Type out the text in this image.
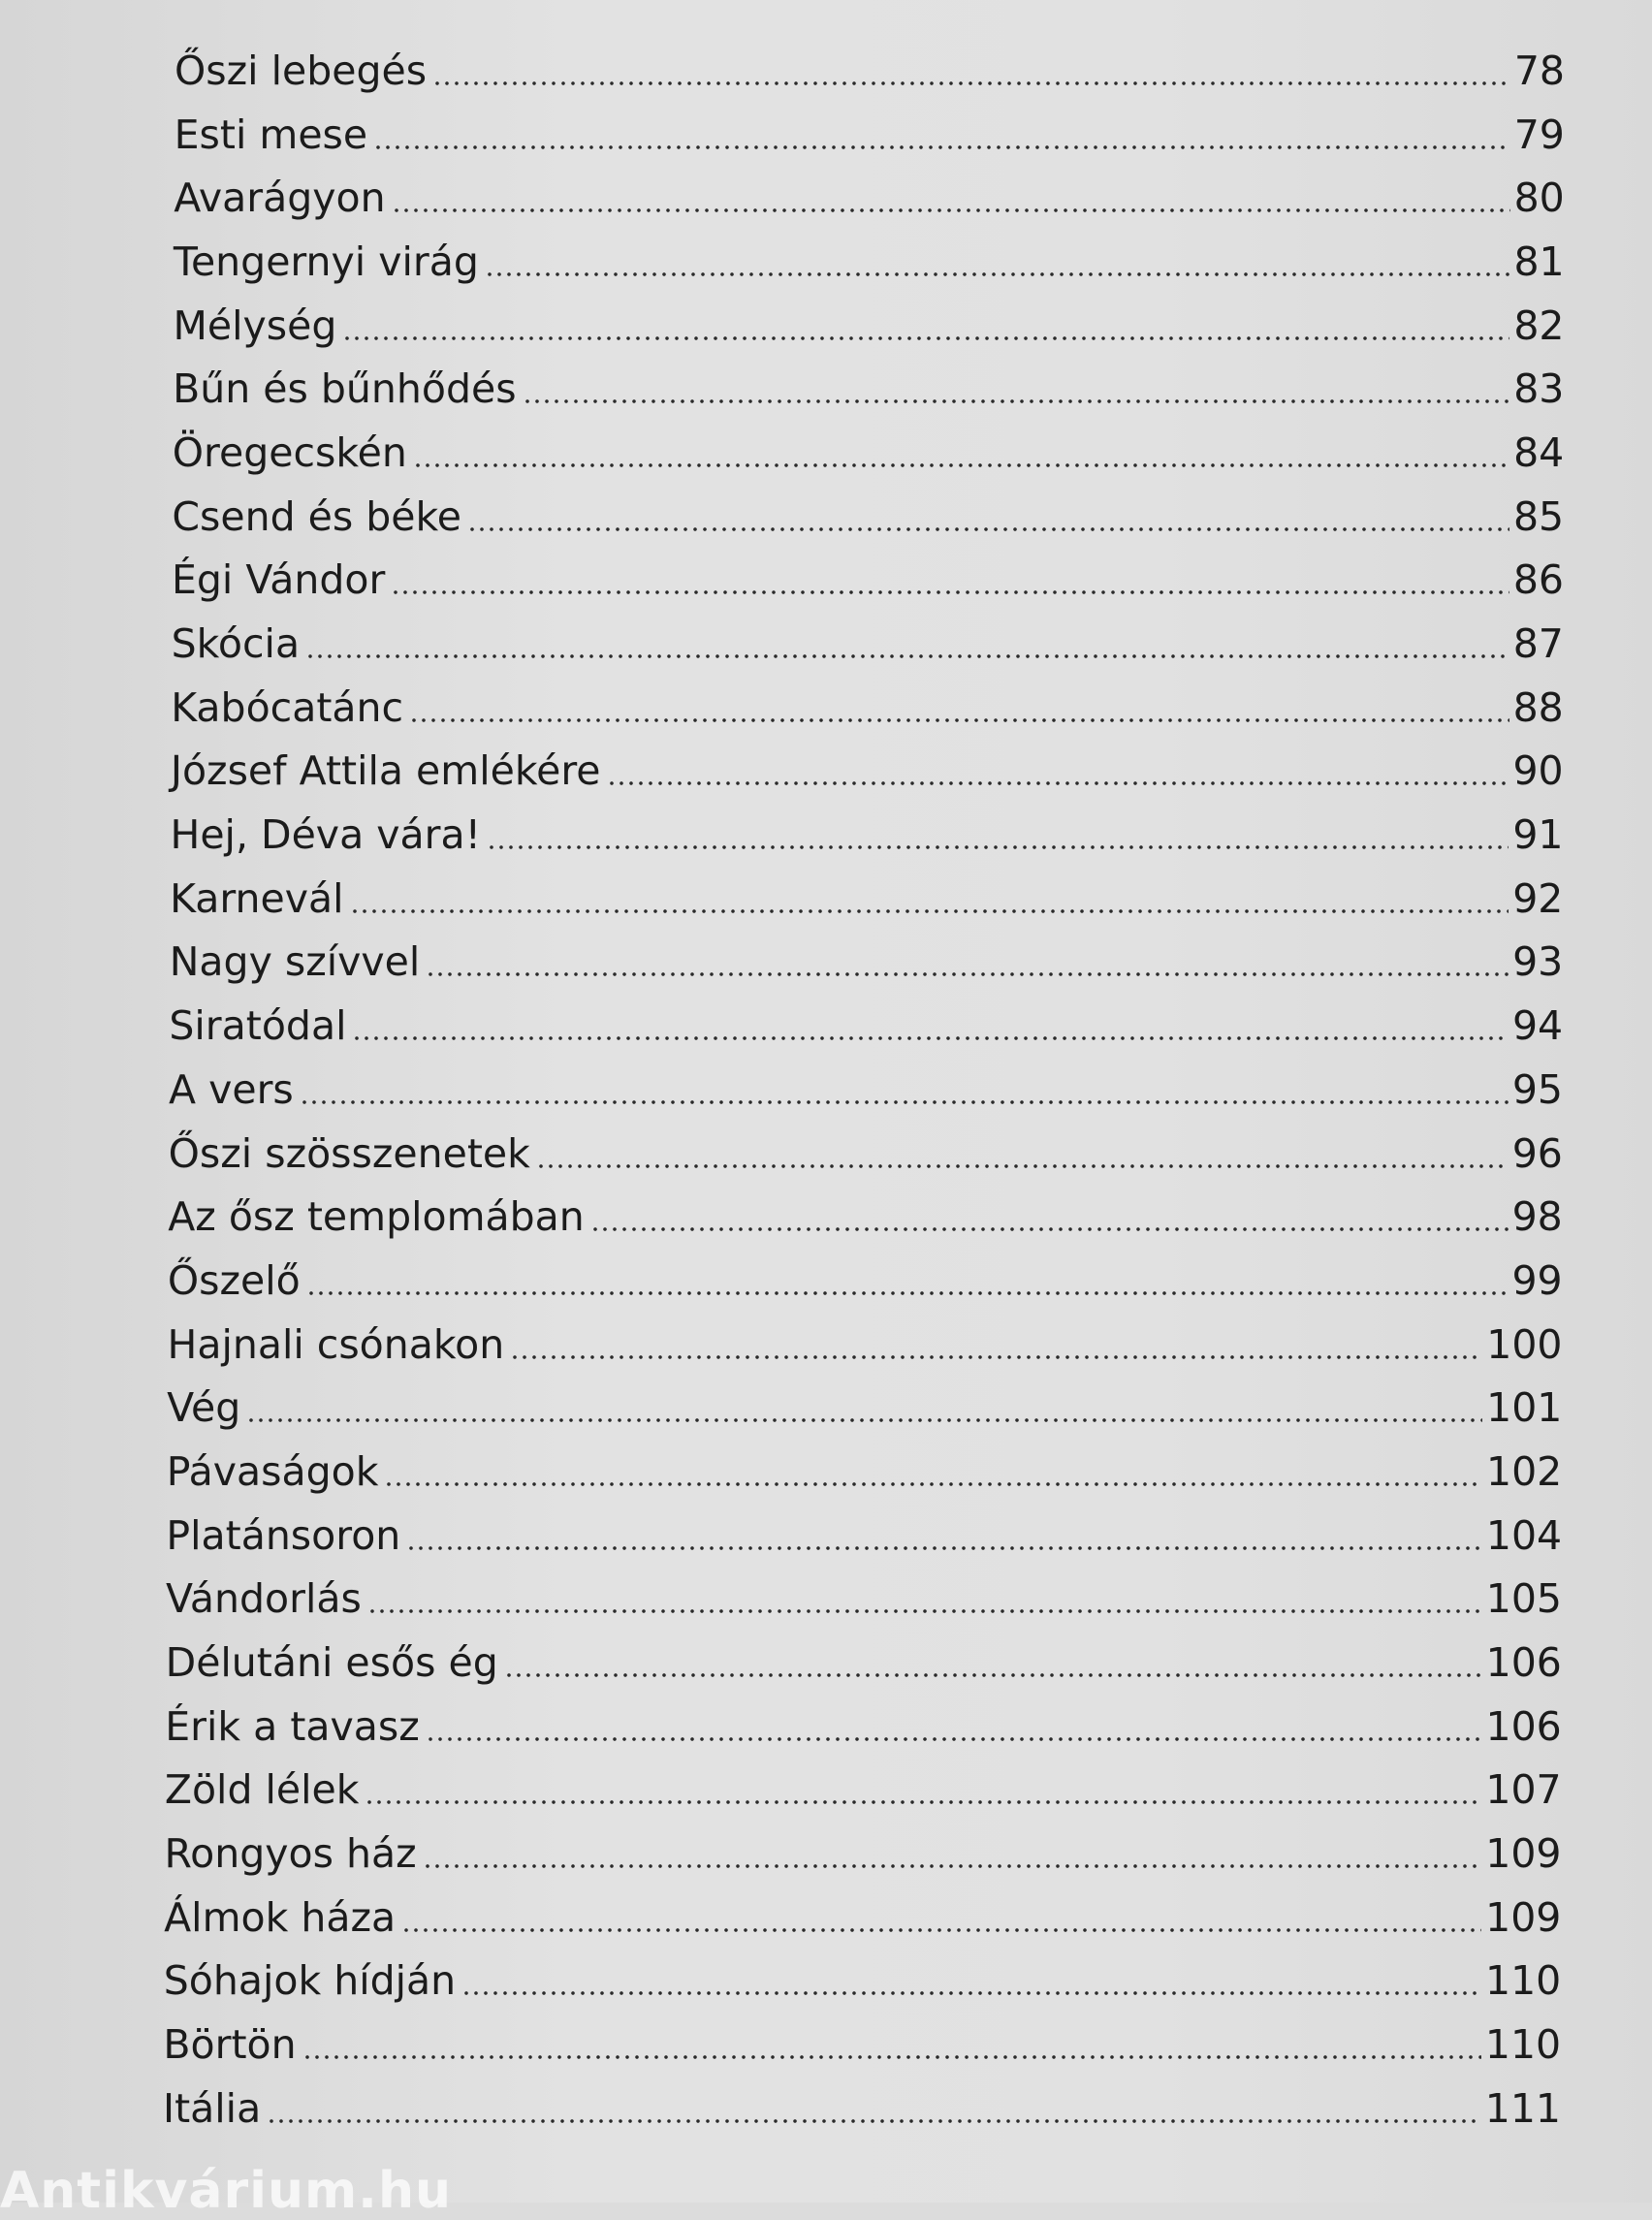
Őszi lebegés	78
Esti mese	79
Avarágyon	80
Tengernyi virág	81
Mélység	82
Bűn és bűnhődés	83
Öregecskén	84
Csend és béke	85
Égi Vándor	86
Skócia	87
Kabócatánc	88
József Attila emlékére	90
Hej, Déva vára!	91
Karnevál	92
Nagy szívvel	93
Siratódal	94
A vers	95
Őszi szösszenetek	96
Az ősz templomában	98
Őszelő	99
Hajnali csónakon	100
Vég	101
Pávaságok	102
Platánsoron	104
Vándorlás	105
Délutáni esős ég	106
Érik a tavasz	106
Zöld lélek	107
Rongyos ház	109
Álmok háza	109
Sóhajok hídján	110
Börtön	110
Itália	111
Antikvárium.hu
